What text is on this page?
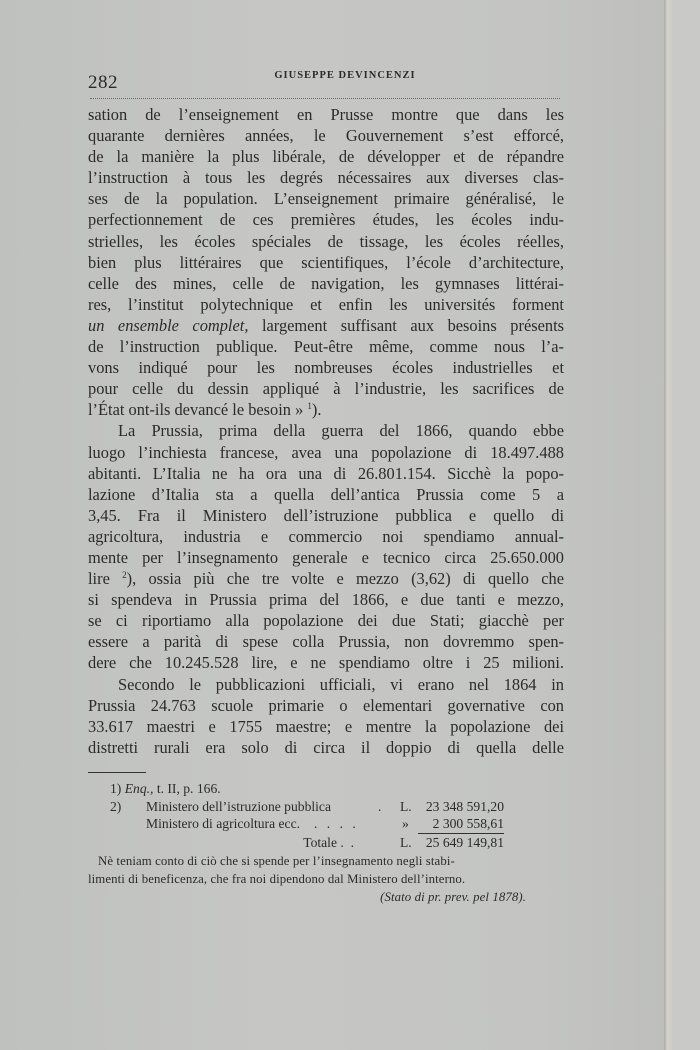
282	GIUSEPPE DEVINCENZI
sation de l’enseignement en Prusse montre que dans les
quarante dernières années, le Gouvernement s’est efforcé,
de la manière la plus libérale, de développer et de répandre
l’instruction à tous les degrés nécessaires aux diverses clas-
ses de la population. L’enseignement primaire généralisé, le
perfectionnement de ces premières études, les écoles indu-
strielles, les écoles spéciales de tissage, les écoles réelles,
bien plus littéraires que scientifiques, l’école d’architecture,
celle des mines, celle de navigation, les gymnases littérai-
res, l’institut polytechnique et enfin les universités forment
un ensemble complet, largement suffisant aux besoins présents
de l’instruction publique. Peut-être même, comme nous l’a-
vons indiqué pour les nombreuses écoles industrielles et
pour celle du dessin appliqué à l’industrie, les sacrifices de
l’État ont-ils devancé le besoin » $^1$).
La Prussia, prima della guerra del 1866, quando ebbe
luogo l’inchiesta francese, avea una popolazione di 18.497.488
abitanti. L’Italia ne ha ora una di 26.801.154. Sicchè la popo-
lazione d’Italia sta a quella dell’antica Prussia come 5 a
3,45. Fra il Ministero dell’istruzione pubblica e quello di
agricoltura, industria e commercio noi spendiamo annual-
mente per l’insegnamento generale e tecnico circa 25.650.000
lire $^2$), ossia più che tre volte e mezzo (3,62) di quello che
si spendeva in Prussia prima del 1866, e due tanti e mezzo,
se ci riportiamo alla popolazione dei due Stati; giacchè per
essere a parità di spese colla Prussia, non dovremmo spen-
dere che 10.245.528 lire, e ne spendiamo oltre i 25 milioni.
Secondo le pubblicazioni ufficiali, vi erano nel 1864 in
Prussia 24.763 scuole primarie o elementari governative con
33.617 maestri e 1755 maestre; e mentre la popolazione dei
distretti rurali era solo di circa il doppio di quella delle
1) Enq., t. II, p. 166.
2) Ministero dell’istruzione pubblica	. L. 23 348 591,20
Ministero di agricoltura ecc. . . . .	» 2 300 558,61
Totale . .	L. 25 649 149,81
Nè teniam conto di ciò che si spende per l’insegnamento negli stabi-
limenti di beneficenza, che fra noi dipendono dal Ministero dell’interno.
(Stato di pr. prev. pel 1878).
